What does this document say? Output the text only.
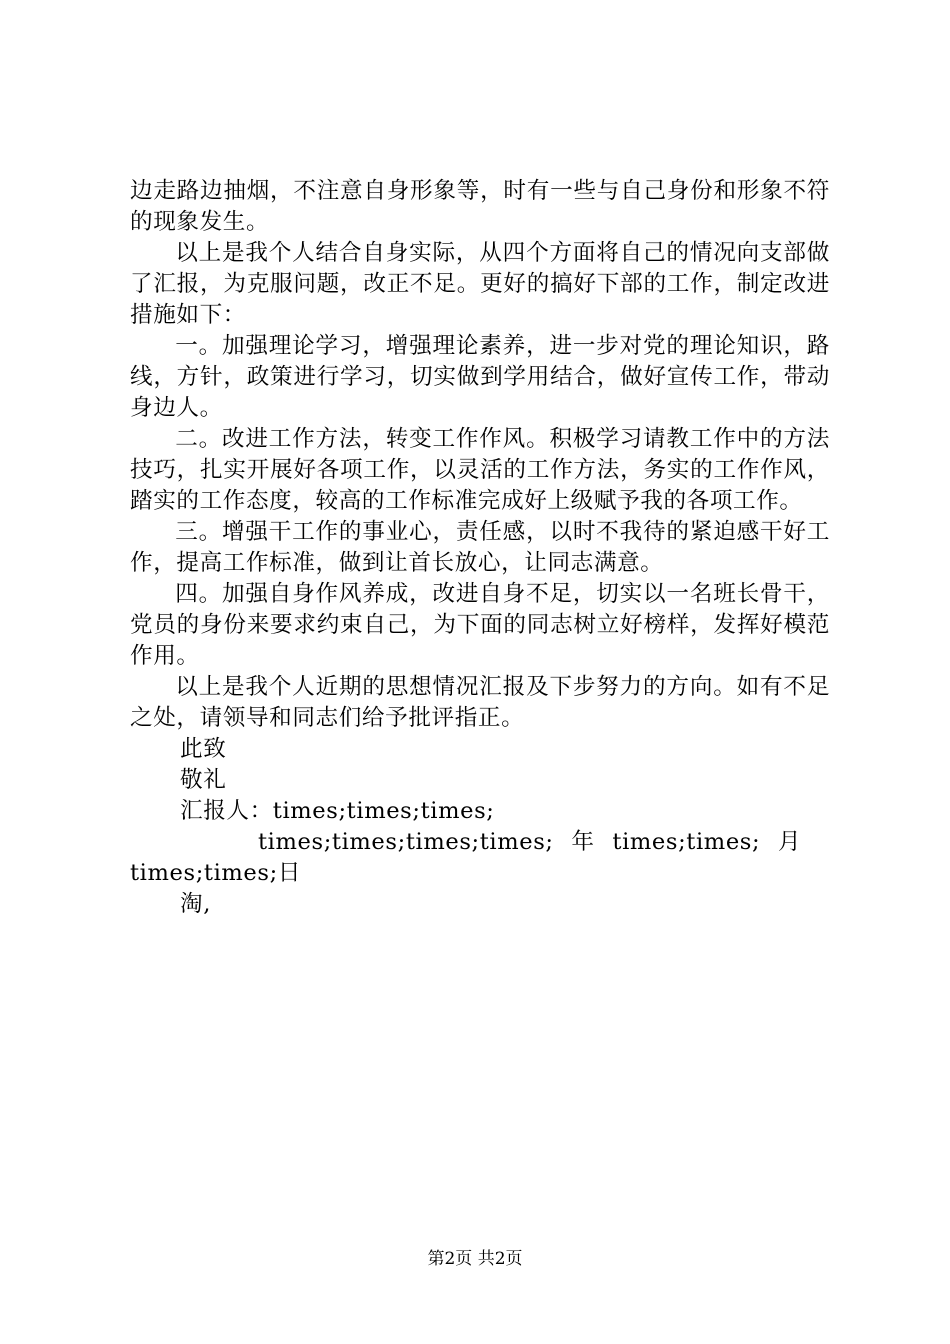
边走路边抽烟，不注意自身形象等，时有一些与自己身份和形象不符的现象发生。

以上是我个人结合自身实际，从四个方面将自己的情况向支部做了汇报，为克服问题，改正不足。更好的搞好下部的工作，制定改进措施如下：

一。加强理论学习，增强理论素养，进一步对党的理论知识，路线，方针，政策进行学习，切实做到学用结合，做好宣传工作，带动身边人。

二。改进工作方法，转变工作作风。积极学习请教工作中的方法技巧，扎实开展好各项工作，以灵活的工作方法，务实的工作作风，踏实的工作态度，较高的工作标准完成好上级赋予我的各项工作。

三。增强干工作的事业心，责任感，以时不我待的紧迫感干好工作，提高工作标准，做到让首长放心，让同志满意。

四。加强自身作风养成，改进自身不足，切实以一名班长骨干，党员的身份来要求约束自己，为下面的同志树立好榜样，发挥好模范作用。

以上是我个人近期的思想情况汇报及下步努力的方向。如有不足之处，请领导和同志们给予批评指正。

此致

敬礼

汇报人：times;times;times;

times;times;times;times; 年 times;times; 月

times;times;日

淘,

第2页 共2页
